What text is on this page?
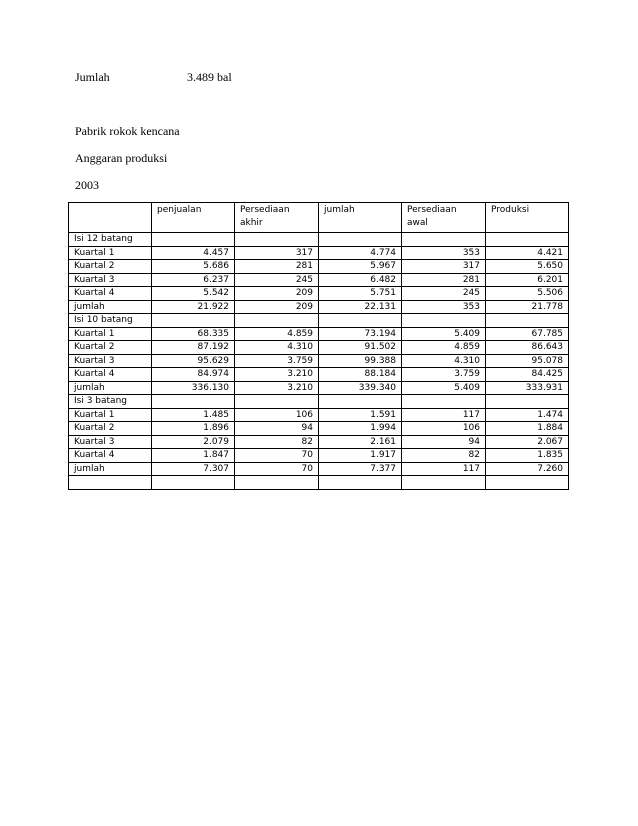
Jumlah	3.489 bal
Pabrik rokok kencana
Anggaran produksi
2003
	penjualan	Persediaan akhir	jumlah	Persediaan awal	Produksi
Isi 12 batang					
Kuartal 1	4.457	317	4.774	353	4.421
Kuartal 2	5.686	281	5.967	317	5.650
Kuartal 3	6.237	245	6.482	281	6.201
Kuartal 4	5.542	209	5.751	245	5.506
jumlah	21.922	209	22.131	353	21.778
Isi 10 batang					
Kuartal 1	68.335	4.859	73.194	5.409	67.785
Kuartal 2	87.192	4.310	91.502	4.859	86.643
Kuartal 3	95.629	3.759	99.388	4.310	95.078
Kuartal 4	84.974	3.210	88.184	3.759	84.425
jumlah	336.130	3.210	339.340	5.409	333.931
Isi 3 batang					
Kuartal 1	1.485	106	1.591	117	1.474
Kuartal 2	1.896	94	1.994	106	1.884
Kuartal 3	2.079	82	2.161	94	2.067
Kuartal 4	1.847	70	1.917	82	1.835
jumlah	7.307	70	7.377	117	7.260
